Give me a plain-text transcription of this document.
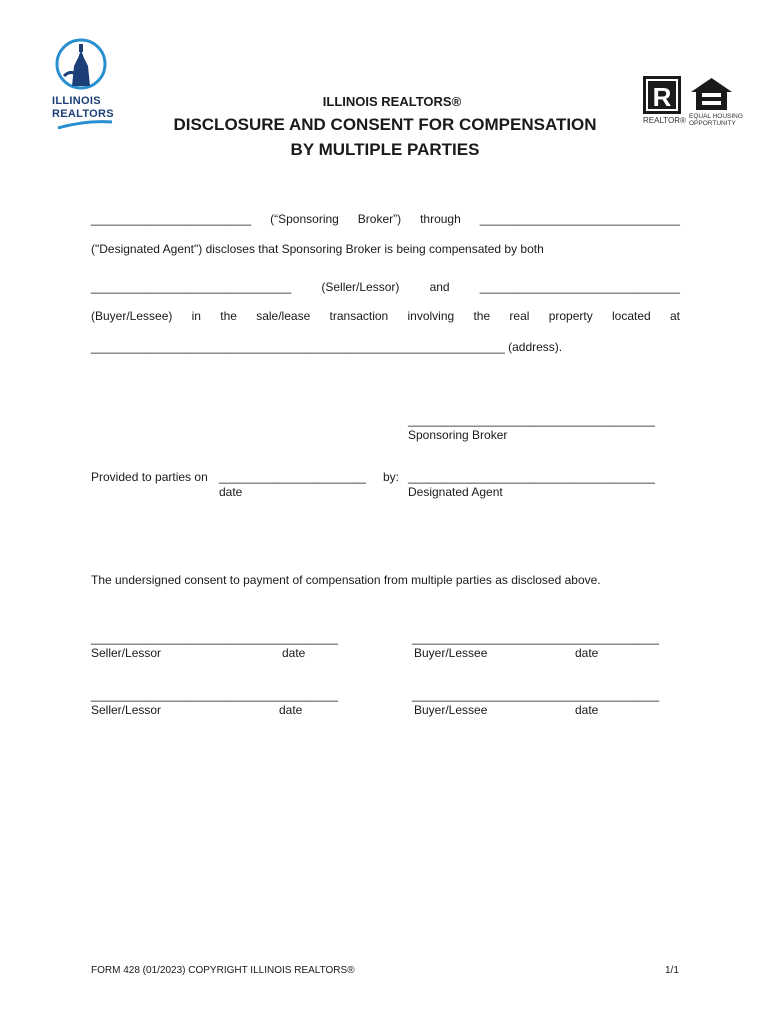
ILLINOIS
REALTORS
R
REALTOR® EQUAL HOUSING
OPPORTUNITY
ILLINOIS REALTORS®
DISCLOSURE AND CONSENT FOR COMPENSATION
BY MULTIPLE PARTIES
________________________ (“Sponsoring Broker”) through ______________________________
("Designated Agent") discloses that Sponsoring Broker is being compensated by both
______________________________	(Seller/Lessor)	and	______________________________
(Buyer/Lessee) in the sale/lease transaction involving the real property located at
______________________________________________________________ (address).
_____________________________________
Sponsoring Broker
Provided to parties on ______________________
date
by: _____________________________________
Designated Agent
The undersigned consent to payment of compensation from multiple parties as disclosed above.
_____________________________________
Seller/Lessor	date
_____________________________________
Buyer/Lessee	date
_____________________________________
Seller/Lessor	date
_____________________________________
Buyer/Lessee	date
FORM 428 (01/2023) COPYRIGHT ILLINOIS REALTORS®	1/1
